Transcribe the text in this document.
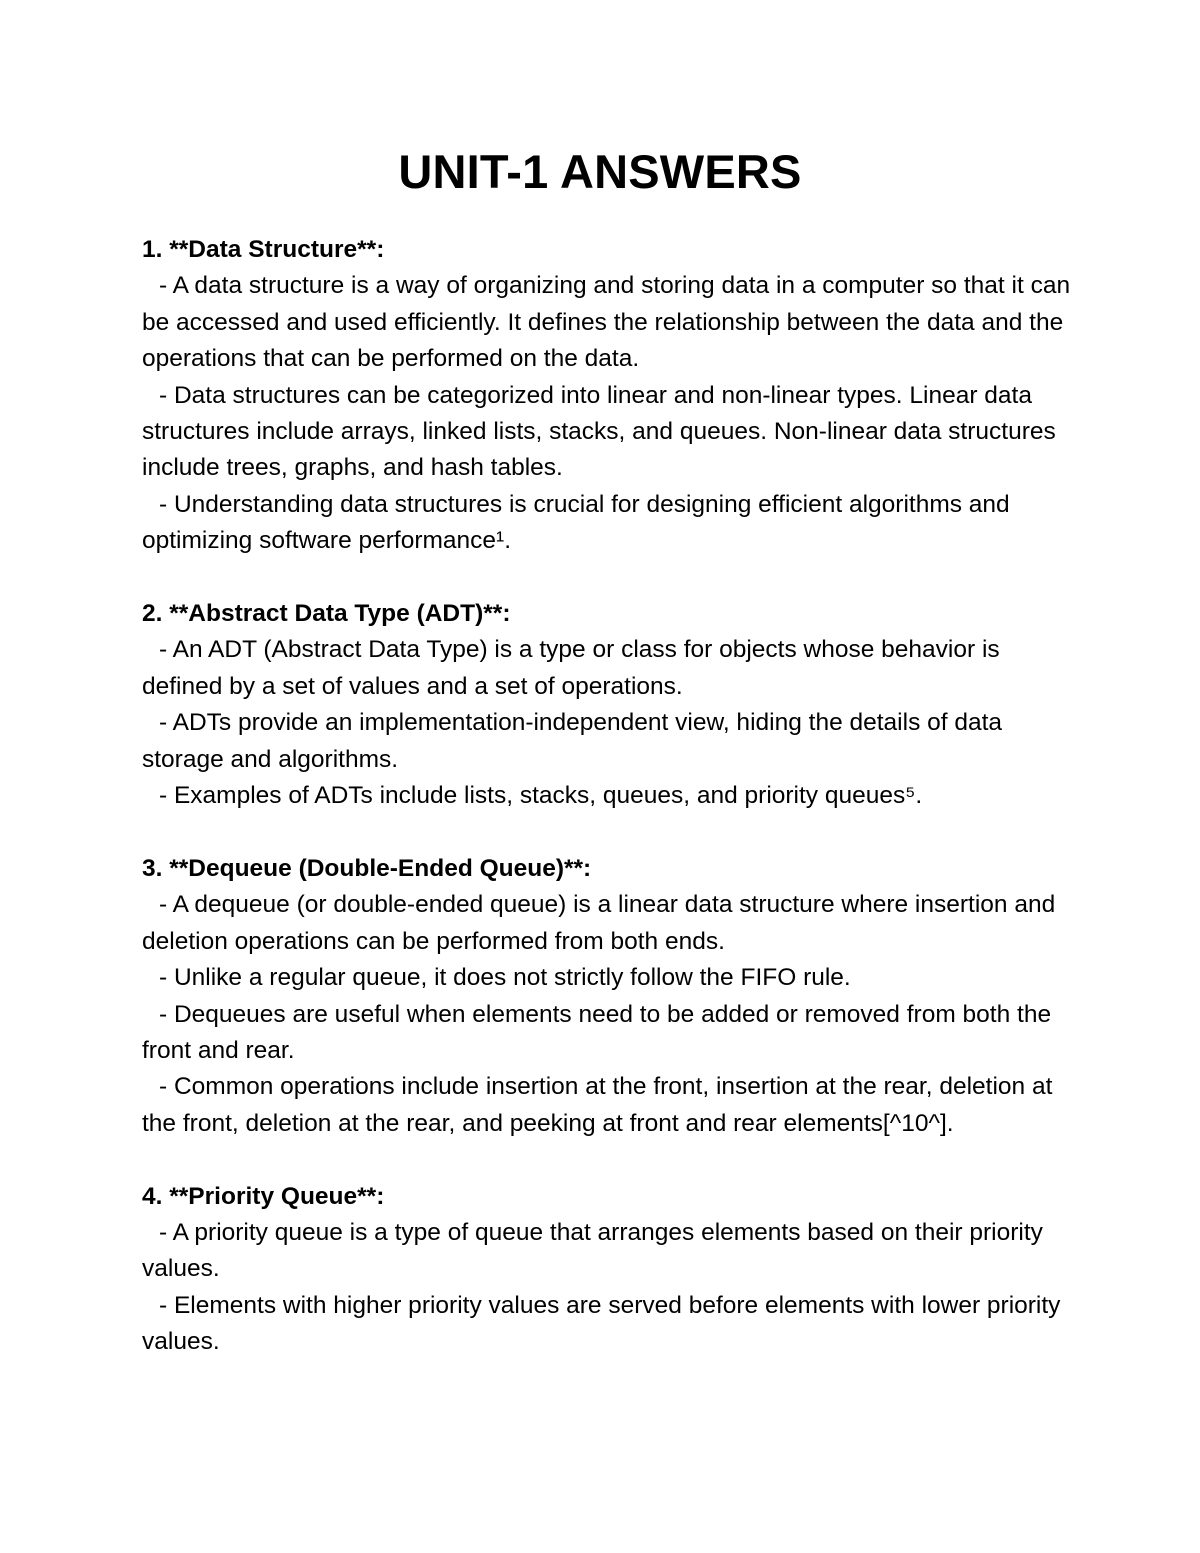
UNIT-1 ANSWERS
1. **Data Structure**:

- A data structure is a way of organizing and storing data in a computer so that it can be accessed and used efficiently. It defines the relationship between the data and the operations that can be performed on the data.

- Data structures can be categorized into linear and non-linear types. Linear data structures include arrays, linked lists, stacks, and queues. Non-linear data structures include trees, graphs, and hash tables.

- Understanding data structures is crucial for designing efficient algorithms and optimizing software performance¹.

2. **Abstract Data Type (ADT)**:

- An ADT (Abstract Data Type) is a type or class for objects whose behavior is defined by a set of values and a set of operations.

- ADTs provide an implementation-independent view, hiding the details of data storage and algorithms.

- Examples of ADTs include lists, stacks, queues, and priority queues⁵.

3. **Dequeue (Double-Ended Queue)**:

- A dequeue (or double-ended queue) is a linear data structure where insertion and deletion operations can be performed from both ends.

- Unlike a regular queue, it does not strictly follow the FIFO rule.

- Dequeues are useful when elements need to be added or removed from both the front and rear.

- Common operations include insertion at the front, insertion at the rear, deletion at the front, deletion at the rear, and peeking at front and rear elements[^10^].

4. **Priority Queue**:

- A priority queue is a type of queue that arranges elements based on their priority values.

- Elements with higher priority values are served before elements with lower priority values.
